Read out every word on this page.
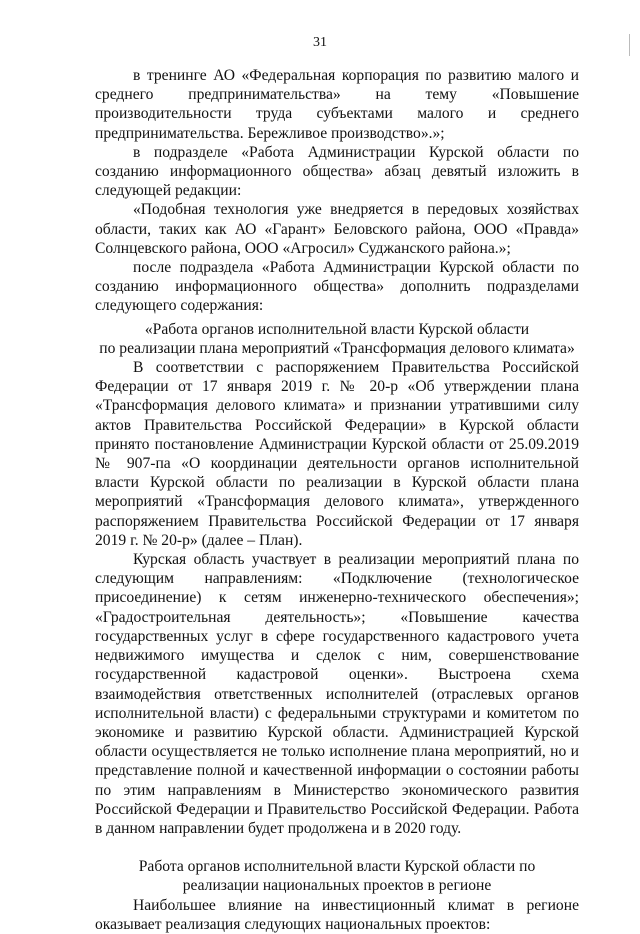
31

в тренинге АО «Федеральная корпорация по развитию малого и среднего предпринимательства» на тему «Повышение производительности труда субъектами малого и среднего предпринимательства. Бережливое производство».»;

в подразделе «Работа Администрации Курской области по созданию информационного общества» абзац девятый изложить в следующей редакции:

«Подобная технология уже внедряется в передовых хозяйствах области, таких как АО «Гарант» Беловского района, ООО «Правда» Солнцевского района, ООО «Агросил» Суджанского района.»;

после подраздела «Работа Администрации Курской области по созданию информационного общества» дополнить подразделами следующего содержания:

«Работа органов исполнительной власти Курской области
по реализации плана мероприятий «Трансформация делового климата»

В соответствии с распоряжением Правительства Российской Федерации от 17 января 2019 г. № 20-р «Об утверждении плана «Трансформация делового климата» и признании утратившими силу актов Правительства Российской Федерации» в Курской области принято постановление Администрации Курской области от 25.09.2019 № 907-па «О координации деятельности органов исполнительной власти Курской области по реализации в Курской области плана мероприятий «Трансформация делового климата», утвержденного распоряжением Правительства Российской Федерации от 17 января 2019 г. № 20-р» (далее – План).

Курская область участвует в реализации мероприятий плана по следующим направлениям: «Подключение (технологическое присоединение) к сетям инженерно-технического обеспечения»; «Градостроительная деятельность»; «Повышение качества государственных услуг в сфере государственного кадастрового учета недвижимого имущества и сделок с ним, совершенствование государственной кадастровой оценки». Выстроена схема взаимодействия ответственных исполнителей (отраслевых органов исполнительной власти) с федеральными структурами и комитетом по экономике и развитию Курской области. Администрацией Курской области осуществляется не только исполнение плана мероприятий, но и представление полной и качественной информации о состоянии работы по этим направлениям в Министерство экономического развития Российской Федерации и Правительство Российской Федерации. Работа в данном направлении будет продолжена и в 2020 году.

Работа органов исполнительной власти Курской области по
реализации национальных проектов в регионе

Наибольшее влияние на инвестиционный климат в регионе оказывает реализация следующих национальных проектов:
